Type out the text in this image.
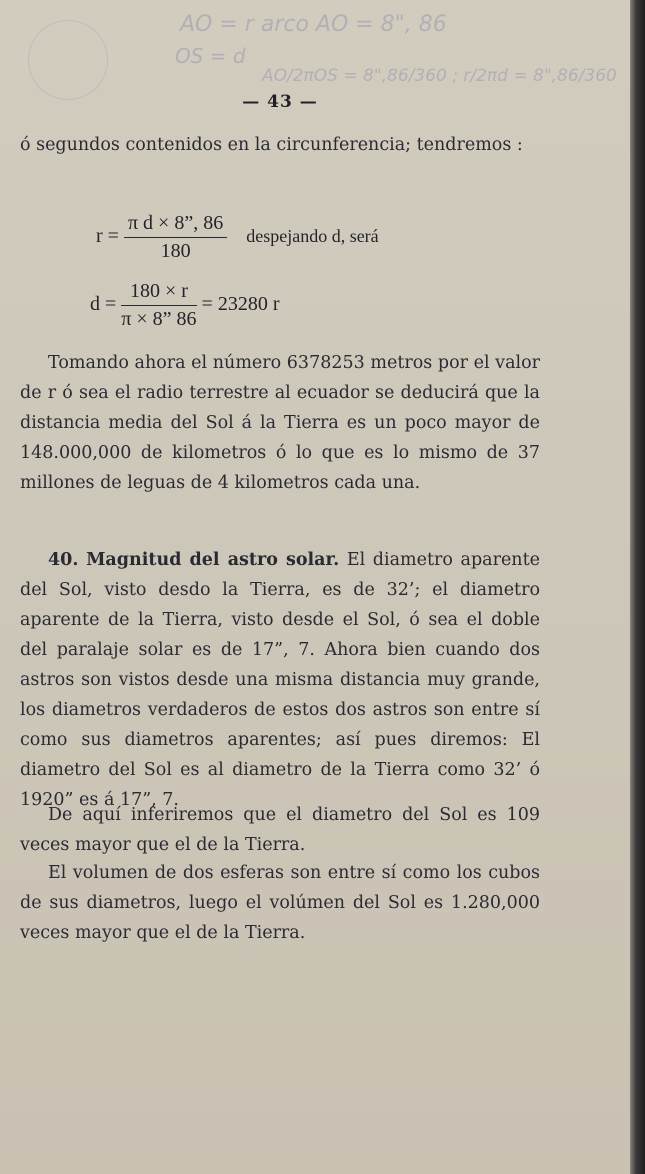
AO = r arco AO = 8", 86
OS = d
AO/2πOS = 8",86/360 ; r/2πd = 8",86/360
— 43 —
ó segundos contenidos en la circunferencia; tendremos :
$r = \frac{\text{π d × 8”, 86}}{180}$ despejando d, será
$d = \frac{180 \times r}{\pi \times 8” 86} = 23280$ r
Tomando ahora el número 6378253 metros por el valor de r ó sea el radio terrestre al ecuador se deducirá que la distancia media del Sol á la Tierra es un poco mayor de 148.000,000 de kilometros ó lo que es lo mismo de 37 millones de leguas de 4 kilometros cada una.
40. Magnitud del astro solar. El diametro aparente del Sol, visto desdo la Tierra, es de 32’; el diametro aparente de la Tierra, visto desde el Sol, ó sea el doble del paralaje solar es de 17”, 7. Ahora bien cuando dos astros son vistos desde una misma distancia muy grande, los diametros verdaderos de estos dos astros son entre sí como sus diametros aparentes; así pues diremos: El diametro del Sol es al diametro de la Tierra como 32’ ó 1920” es á 17”, 7.
De aquí inferiremos que el diametro del Sol es 109 veces mayor que el de la Tierra.
El volumen de dos esferas son entre sí como los cubos de sus diametros, luego el volúmen del Sol es 1.280,000 veces mayor que el de la Tierra.
